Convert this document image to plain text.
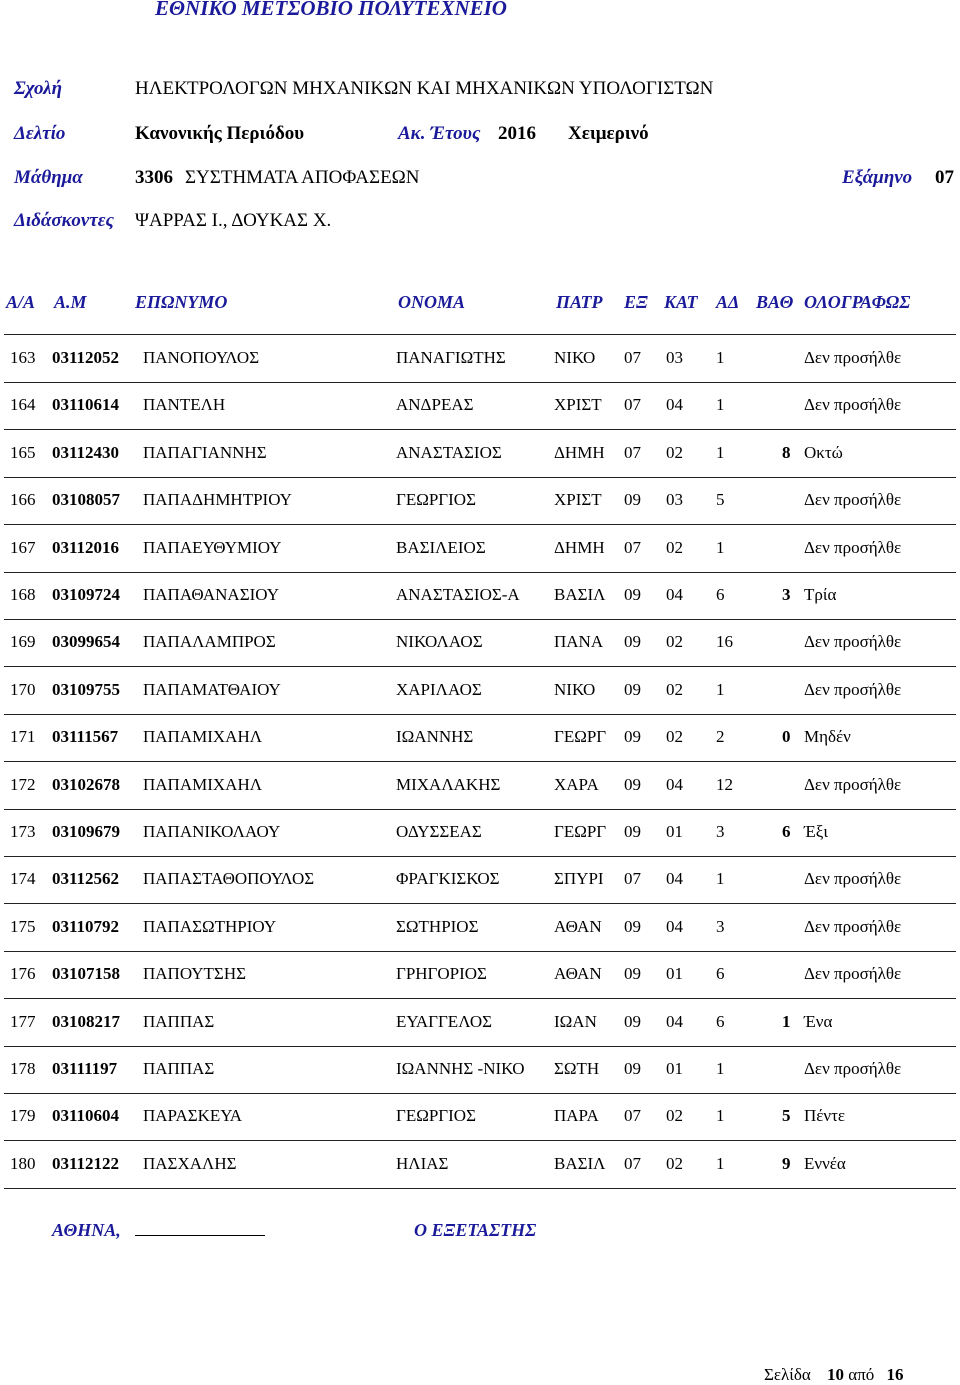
ΕΘΝΙΚΟ ΜΕΤΣΟΒΙΟ ΠΟΛΥΤΕΧΝΕΙΟ
Σχολή	ΗΛΕΚΤΡΟΛΟΓΩΝ ΜΗΧΑΝΙΚΩΝ ΚΑΙ ΜΗΧΑΝΙΚΩΝ ΥΠΟΛΟΓΙΣΤΩΝ
Δελτίο	Κανονικής Περιόδου	Ακ. Έτους 2016 Χειμερινό
Μάθημα	3306 ΣΥΣΤΗΜΑΤΑ ΑΠΟΦΑΣΕΩΝ	Εξάμηνο 07
Διδάσκοντες ΨΑΡΡΑΣ Ι., ΔΟΥΚΑΣ Χ.
Α/Α Α.Μ	ΕΠΩΝΥΜΟ	ΟΝΟΜΑ	ΠΑΤΡ ΕΞ ΚΑΤ ΑΔ ΒΑΘ ΟΛΟΓΡΑΦΩΣ
163 03112052 ΠΑΝΟΠΟΥΛΟΣ	ΠΑΝΑΓΙΩΤΗΣ	ΝΙΚΟ 07 03 1	Δεν προσήλθε
164 03110614 ΠΑΝΤΕΛΗ	ΑΝΔΡΕΑΣ	ΧΡΙΣΤ 07 04 1	Δεν προσήλθε
165 03112430 ΠΑΠΑΓΙΑΝΝΗΣ	ΑΝΑΣΤΑΣΙΟΣ	ΔΗΜΗ 07 02 1	8 Οκτώ
166 03108057 ΠΑΠΑΔΗΜΗΤΡΙΟΥ	ΓΕΩΡΓΙΟΣ	ΧΡΙΣΤ 09 03 5	Δεν προσήλθε
167 03112016 ΠΑΠΑΕΥΘΥΜΙΟΥ	ΒΑΣΙΛΕΙΟΣ	ΔΗΜΗ 07 02 1	Δεν προσήλθε
168 03109724 ΠΑΠΑΘΑΝΑΣΙΟΥ	ΑΝΑΣΤΑΣΙΟΣ-Α ΒΑΣΙΛ 09 04 6	3 Τρία
169 03099654 ΠΑΠΑΛΑΜΠΡΟΣ	ΝΙΚΟΛΑΟΣ	ΠΑΝΑ 09 02 16	Δεν προσήλθε
170 03109755 ΠΑΠΑΜΑΤΘΑΙΟΥ	ΧΑΡΙΛΑΟΣ	ΝΙΚΟ 09 02 1	Δεν προσήλθε
171 03111567 ΠΑΠΑΜΙΧΑΗΛ	ΙΩΑΝΝΗΣ	ΓΕΩΡΓ 09 02 2	0 Μηδέν
172 03102678 ΠΑΠΑΜΙΧΑΗΛ	ΜΙΧΑΛΑΚΗΣ	ΧΑΡΑ 09 04 12	Δεν προσήλθε
173 03109679 ΠΑΠΑΝΙΚΟΛΑΟΥ	ΟΔΥΣΣΕΑΣ	ΓΕΩΡΓ 09 01 3	6 Έξι
174 03112562 ΠΑΠΑΣΤΑΘΟΠΟΥΛΟΣ	ΦΡΑΓΚΙΣΚΟΣ	ΣΠΥΡΙ 07 04 1	Δεν προσήλθε
175 03110792 ΠΑΠΑΣΩΤΗΡΙΟΥ	ΣΩΤΗΡΙΟΣ	ΑΘΑΝ 09 04 3	Δεν προσήλθε
176 03107158 ΠΑΠΟΥΤΣΗΣ	ΓΡΗΓΟΡΙΟΣ	ΑΘΑΝ 09 01 6	Δεν προσήλθε
177 03108217 ΠΑΠΠΑΣ	ΕΥΑΓΓΕΛΟΣ	ΙΩΑΝ 09 04 6	1 Ένα
178 03111197 ΠΑΠΠΑΣ	ΙΩΑΝΝΗΣ -ΝΙΚΟ ΣΩΤΗ 09 01 1	Δεν προσήλθε
179 03110604 ΠΑΡΑΣΚΕΥΑ	ΓΕΩΡΓΙΟΣ	ΠΑΡΑ 07 02 1	5 Πέντε
180 03112122 ΠΑΣΧΑΛΗΣ	ΗΛΙΑΣ	ΒΑΣΙΛ 07 02 1	9 Εννέα
ΑΘΗΝΑ,	Ο ΕΞΕΤΑΣΤΗΣ
Σελίδα 10 από 16
